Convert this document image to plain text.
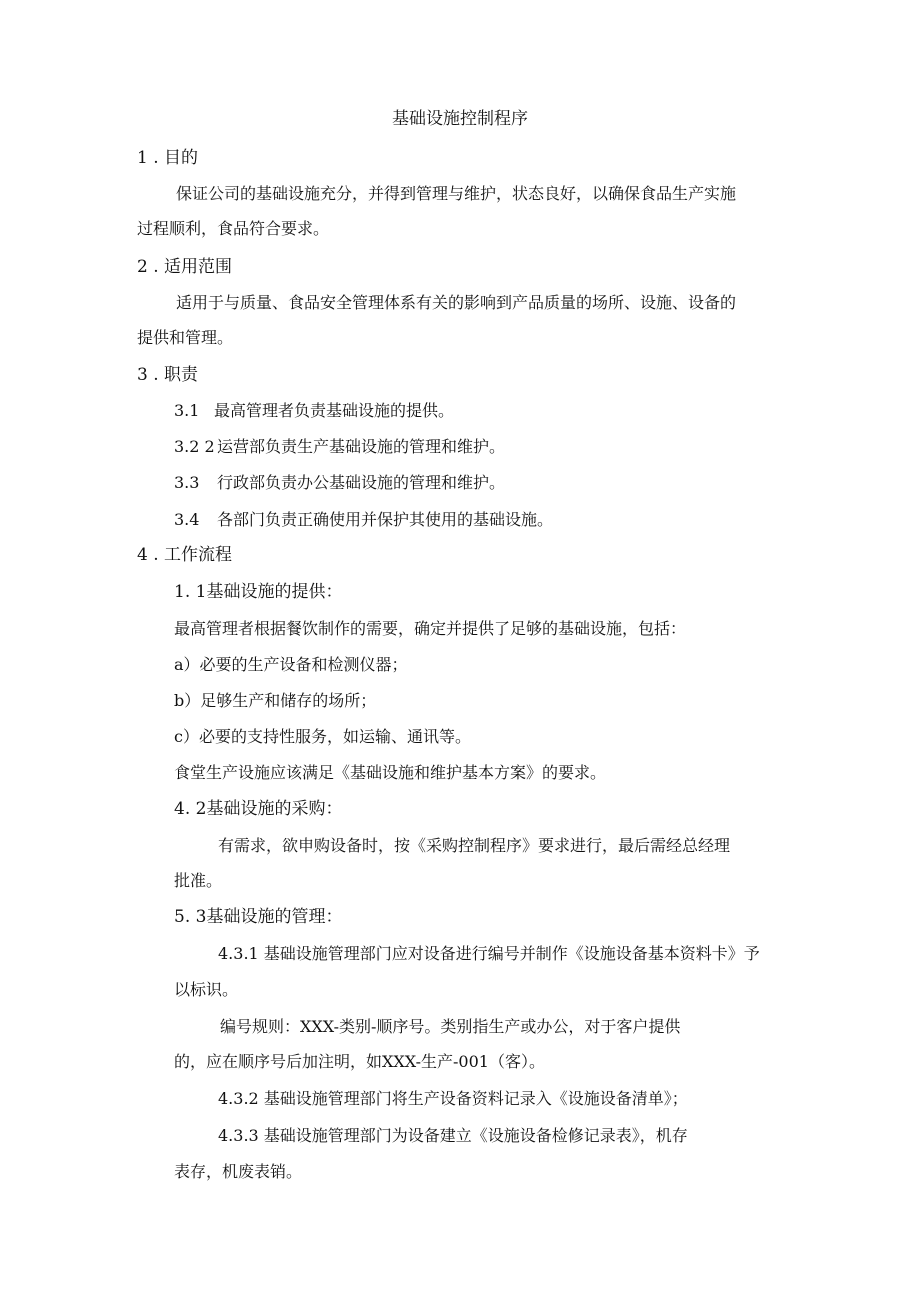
基础设施控制程序
1 . 目的
保证公司的基础设施充分，并得到管理与维护，状态良好，以确保食品生产实施
过程顺利，食品符合要求。
2 . 适用范围
适用于与质量、食品安全管理体系有关的影响到产品质量的场所、设施、设备的
提供和管理。
3 . 职责
3.1 最高管理者负责基础设施的提供。
3.2 2 运营部负责生产基础设施的管理和维护。
3.3 行政部负责办公基础设施的管理和维护。
3.4 各部门负责正确使用并保护其使用的基础设施。
4 . 工作流程
1. 1基础设施的提供：
最高管理者根据餐饮制作的需要，确定并提供了足够的基础设施，包括：
a）必要的生产设备和检测仪器；
b）足够生产和储存的场所；
c）必要的支持性服务，如运输、通讯等。
食堂生产设施应该满足《基础设施和维护基本方案》的要求。
4. 2基础设施的采购：
有需求，欲申购设备时，按《采购控制程序》要求进行，最后需经总经理
批准。
5. 3基础设施的管理：
4.3.1 基础设施管理部门应对设备进行编号并制作《设施设备基本资料卡》予
以标识。
编号规则：XXX-类别-顺序号。类别指生产或办公，对于客户提供
的，应在顺序号后加注明，如XXX-生产-001（客）。
4.3.2 基础设施管理部门将生产设备资料记录入《设施设备清单》；
4.3.3 基础设施管理部门为设备建立《设施设备检修记录表》，机存
表存，机废表销。
